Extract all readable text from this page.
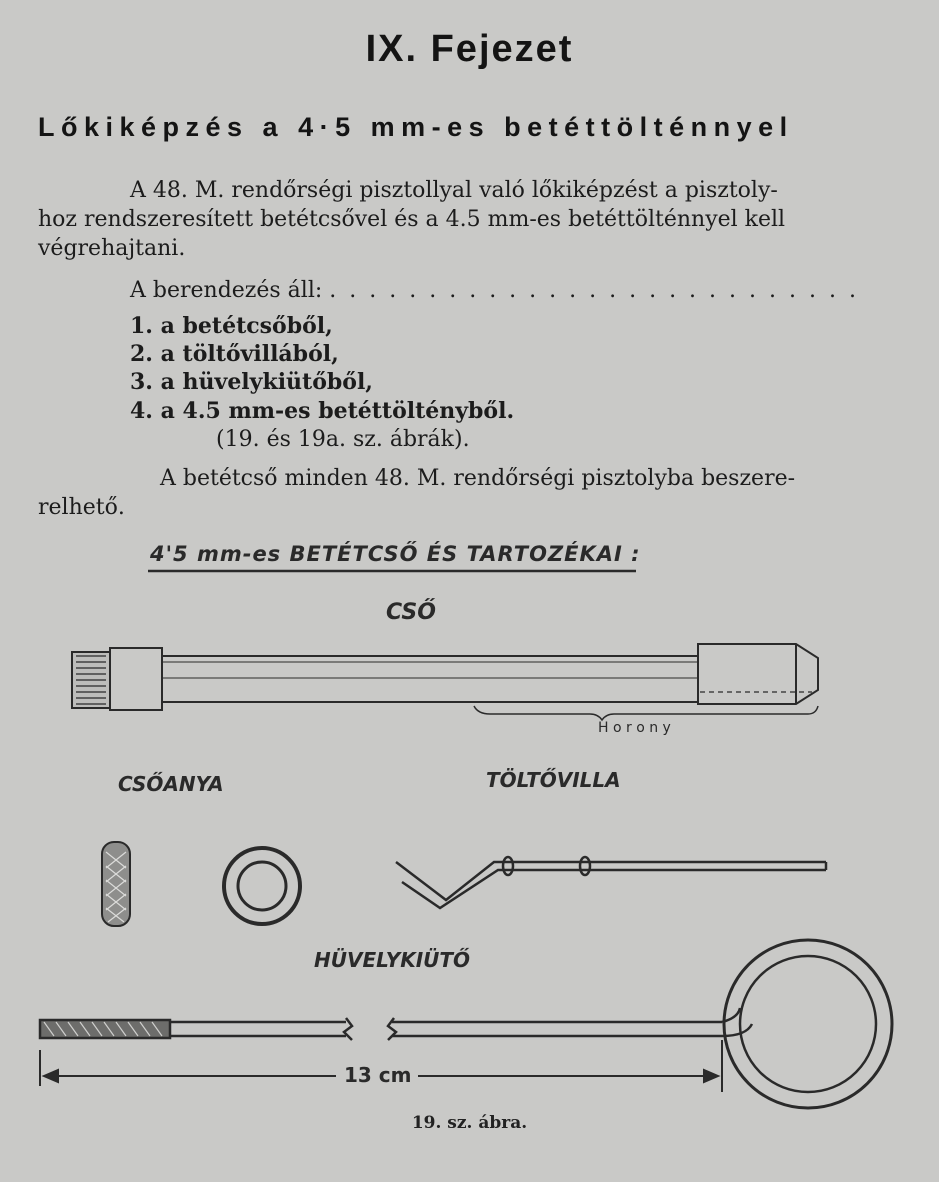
IX. Fejezet
Lőkiképzés a 4·5 mm-es betéttölténnyel
A 48. M. rendőrségi pisztollyal való lőkiképzést a pisztoly-
hoz rendszeresített betétcsővel és a 4.5 mm-es betéttölténnyel kell
végrehajtani.
A berendezés áll: . . . . . . . . . . . . . . . . . . . . . . . . . . .
1. a betétcsőből,
2. a töltővillából,
3. a hüvelykiütőből,
4. a 4.5 mm-es betéttöltényből.
(19. és 19a. sz. ábrák).
A betétcső minden 48. M. rendőrségi pisztolyba beszere-
relhető.
4'5 mm-es BETÉTCSŐ ÉS TARTOZÉKAI :
CSŐ
H o r o n y
CSŐANYA	TÖLTŐVILLA
HÜVELYKIÜTŐ
13 cm
19. sz. ábra.
